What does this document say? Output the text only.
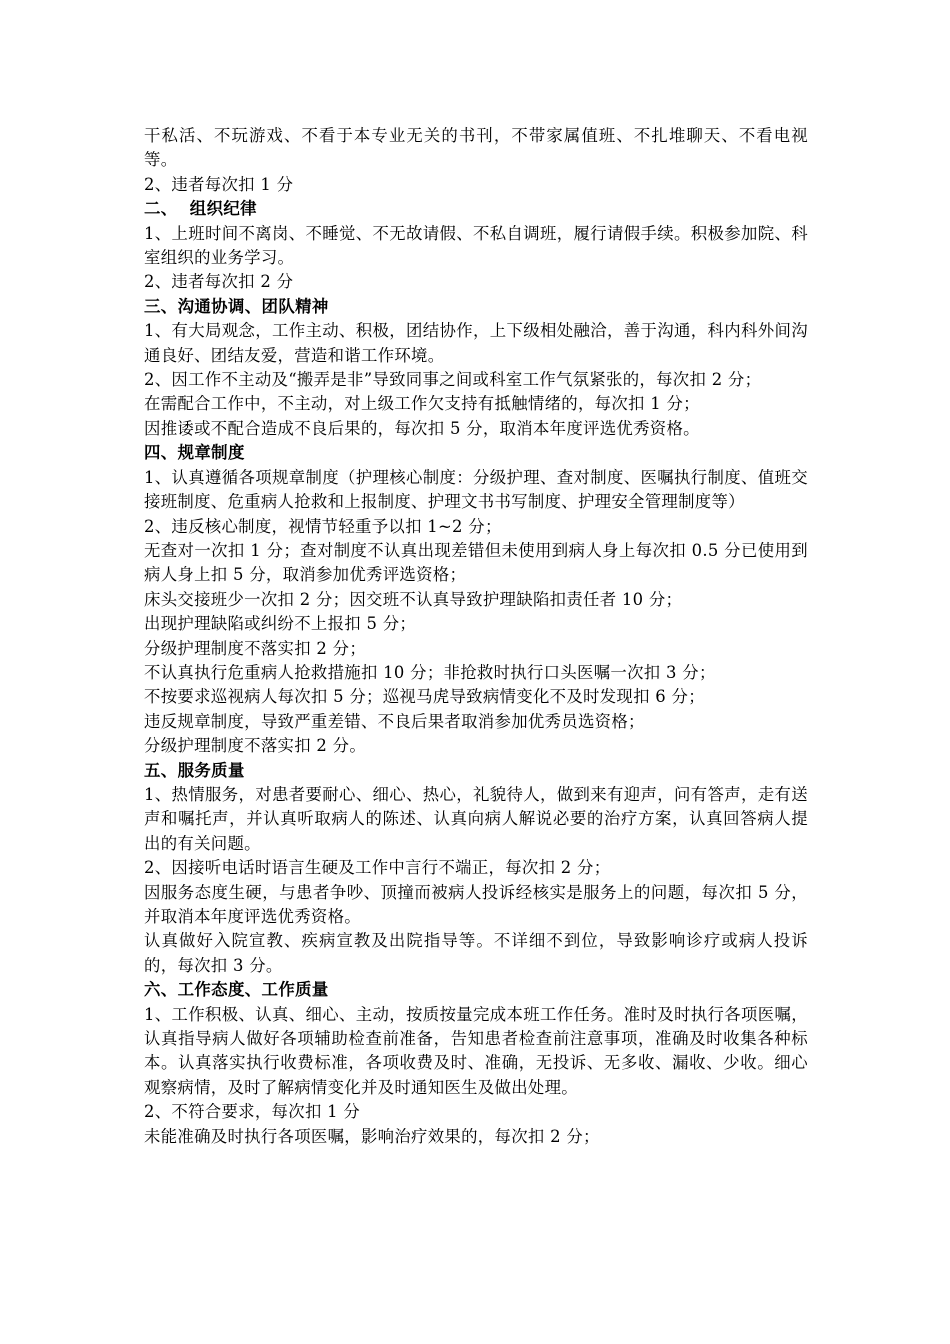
干私活、不玩游戏、不看于本专业无关的书刊，不带家属值班、不扎堆聊天、不看电视等。

2、违者每次扣 1 分

二、  组织纪律

1、上班时间不离岗、不睡觉、不无故请假、不私自调班，履行请假手续。积极参加院、科室组织的业务学习。

2、违者每次扣 2 分

三、沟通协调、团队精神

1、有大局观念，工作主动、积极，团结协作，上下级相处融洽，善于沟通，科内科外间沟通良好、团结友爱，营造和谐工作环境。

2、因工作不主动及“搬弄是非”导致同事之间或科室工作气氛紧张的，每次扣 2 分；

在需配合工作中，不主动，对上级工作欠支持有抵触情绪的，每次扣 1 分；

因推诿或不配合造成不良后果的，每次扣 5 分，取消本年度评选优秀资格。

四、规章制度

1、认真遵循各项规章制度（护理核心制度：分级护理、查对制度、医嘱执行制度、值班交接班制度、危重病人抢救和上报制度、护理文书书写制度、护理安全管理制度等）

2、违反核心制度，视情节轻重予以扣 1~2 分；

无查对一次扣 1 分；查对制度不认真出现差错但未使用到病人身上每次扣 0.5 分已使用到病人身上扣 5 分，取消参加优秀评选资格；

床头交接班少一次扣 2 分；因交班不认真导致护理缺陷扣责任者 10 分；

出现护理缺陷或纠纷不上报扣 5 分；

分级护理制度不落实扣 2 分；

不认真执行危重病人抢救措施扣 10 分；非抢救时执行口头医嘱一次扣 3 分；

不按要求巡视病人每次扣 5 分；巡视马虎导致病情变化不及时发现扣 6 分；

违反规章制度，导致严重差错、不良后果者取消参加优秀员选资格；

分级护理制度不落实扣 2 分。

五、服务质量

1、热情服务，对患者要耐心、细心、热心，礼貌待人，做到来有迎声，问有答声，走有送声和嘱托声，并认真听取病人的陈述、认真向病人解说必要的治疗方案，认真回答病人提出的有关问题。

2、因接听电话时语言生硬及工作中言行不端正，每次扣 2 分；

因服务态度生硬，与患者争吵、顶撞而被病人投诉经核实是服务上的问题，每次扣 5 分，并取消本年度评选优秀资格。

认真做好入院宣教、疾病宣教及出院指导等。不详细不到位，导致影响诊疗或病人投诉的，每次扣 3 分。

六、工作态度、工作质量

1、工作积极、认真、细心、主动，按质按量完成本班工作任务。准时及时执行各项医嘱，认真指导病人做好各项辅助检查前准备，告知患者检查前注意事项，准确及时收集各种标本。认真落实执行收费标准，各项收费及时、准确，无投诉、无多收、漏收、少收。细心观察病情，及时了解病情变化并及时通知医生及做出处理。

2、不符合要求，每次扣 1 分

未能准确及时执行各项医嘱，影响治疗效果的，每次扣 2 分；
